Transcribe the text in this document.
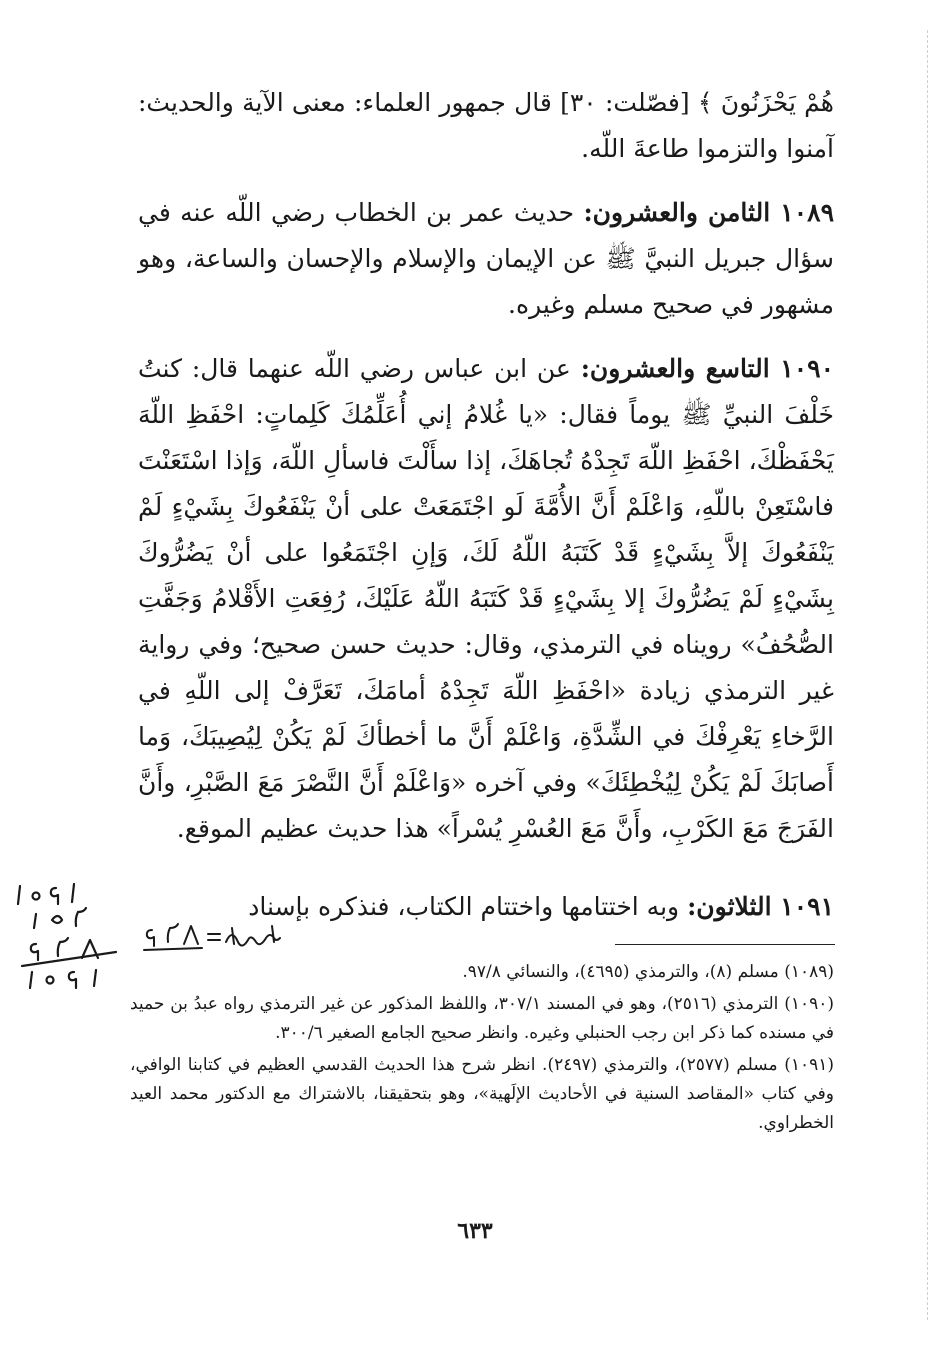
هُمْ يَحْزَنُونَ ﴾ [فصّلت: ٣٠] قال جمهور العلماء: معنى الآية والحديث: آمنوا والتزموا طاعةَ اللّه.

١٠٨٩ الثامن والعشرون: حديث عمر بن الخطاب رضي اللّه عنه في سؤال جبريل النبيَّ ﷺ عن الإيمان والإسلام والإحسان والساعة، وهو مشهور في صحيح مسلم وغيره.

١٠٩٠ التاسع والعشرون: عن ابن عباس رضي اللّه عنهما قال: كنتُ خَلْفَ النبيِّ ﷺ يوماً فقال: «يا غُلامُ إني أُعَلِّمُكَ كَلِماتٍ: احْفَظِ اللّهَ يَحْفَظْكَ، احْفَظِ اللّهَ تَجِدْهُ تُجاهَكَ، إذا سأَلْتَ فاسألِ اللّهَ، وَإذا اسْتَعَنْتَ فاسْتَعِنْ باللّهِ، وَاعْلَمْ أَنَّ الأُمَّةَ لَو اجْتَمَعَتْ على أنْ يَنْفَعُوكَ بِشَيْءٍ لَمْ يَنْفَعُوكَ إلاَّ بِشَيْءٍ قَدْ كَتَبَهُ اللّهُ لَكَ، وَإنِ اجْتَمَعُوا على أنْ يَضُرُّوكَ بِشَيْءٍ لَمْ يَضُرُّوكَ إلا بِشَيْءٍ قَدْ كَتَبَهُ اللّهُ عَلَيْكَ، رُفِعَتِ الأَقْلامُ وَجَفَّتِ الصُّحُفُ» رويناه في الترمذي، وقال: حديث حسن صحيح؛ وفي رواية غير الترمذي زيادة «احْفَظِ اللّهَ تَجِدْهُ أمامَكَ، تَعَرَّفْ إلى اللّهِ في الرَّخاءِ يَعْرِفْكَ في الشِّدَّةِ، وَاعْلَمْ أَنَّ ما أخطأكَ لَمْ يَكُنْ لِيُصِيبَكَ، وَما أَصابَكَ لَمْ يَكُنْ لِيُخْطِئَكَ» وفي آخره «وَاعْلَمْ أَنَّ النَّصْرَ مَعَ الصَّبْرِ، وأَنَّ الفَرَجَ مَعَ الكَرْبِ، وأَنَّ مَعَ العُسْرِ يُسْراً» هذا حديث عظيم الموقع.

١٠٩١ الثلاثون: وبه اختتامها واختتام الكتاب، فنذكره بإسناد

(١٠٨٩) مسلم (٨)، والترمذي (٤٦٩٥)، والنسائي ٩٧/٨.

(١٠٩٠) الترمذي (٢٥١٦)، وهو في المسند ٣٠٧/١، واللفظ المذكور عن غير الترمذي رواه عبدُ بن حميد في مسنده كما ذكر ابن رجب الحنبلي وغيره. وانظر صحيح الجامع الصغير ٣٠٠/٦.

(١٠٩١) مسلم (٢٥٧٧)، والترمذي (٢٤٩٧). انظر شرح هذا الحديث القدسي العظيم في كتابنا الوافي، وفي كتاب «المقاصد السنية في الأحاديث الإلَهية»، وهو بتحقيقنا، بالاشتراك مع الدكتور محمد العيد الخطراوي.

٦٣٣
